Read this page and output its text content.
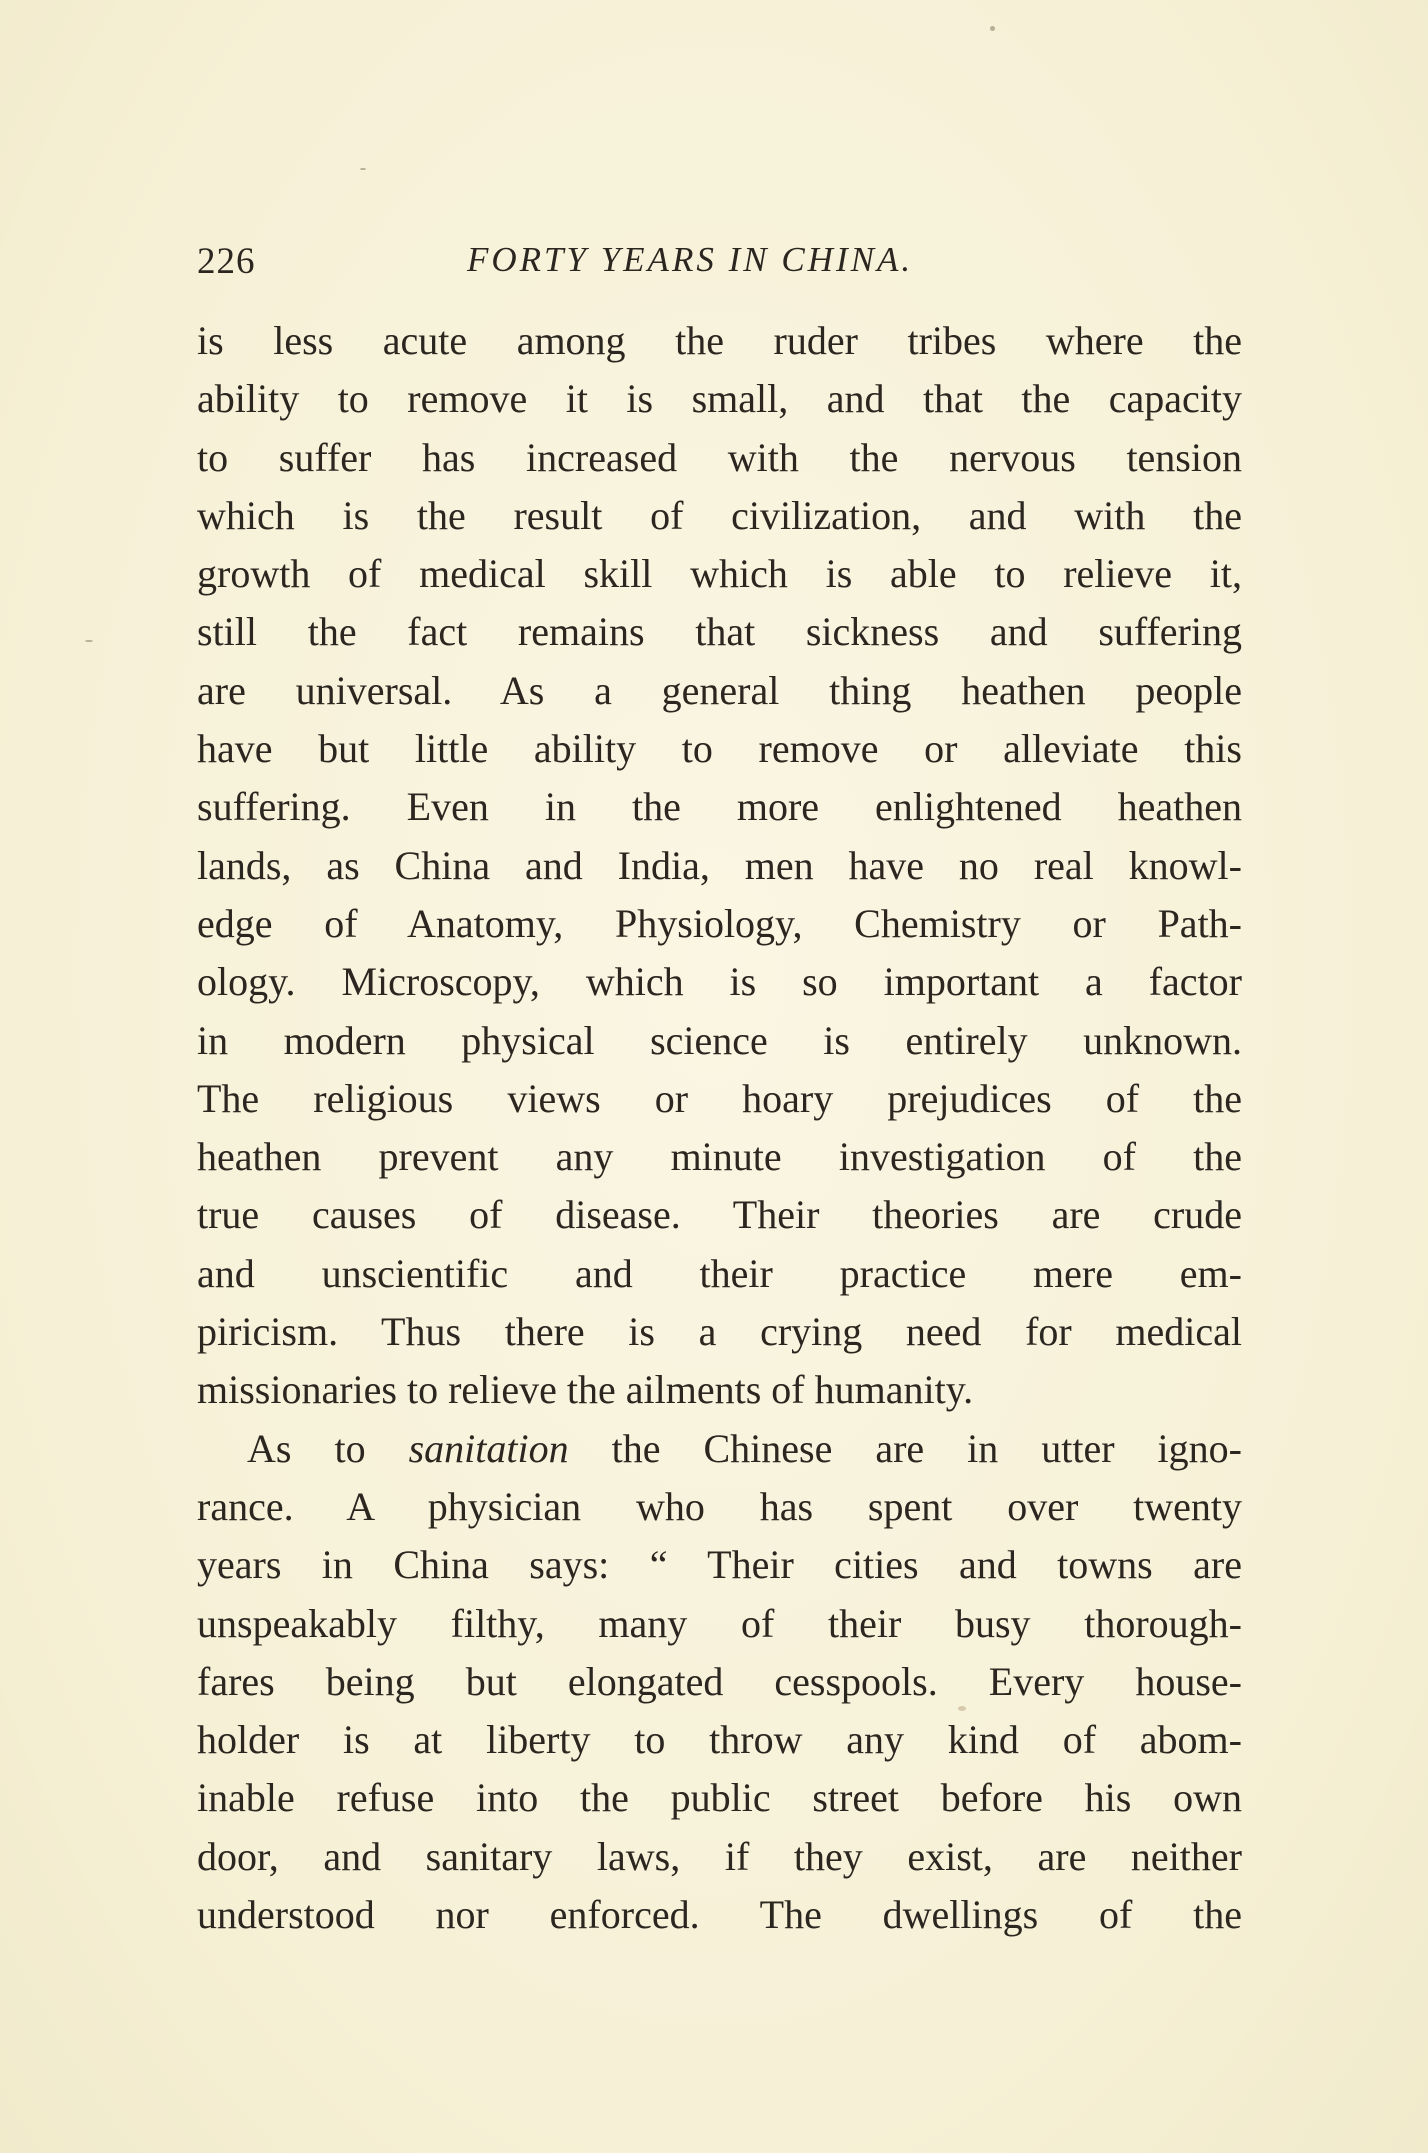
226	FORTY YEARS IN CHINA.
is less acute among the ruder tribes where the
ability to remove it is small, and that the capacity
to suffer has increased with the nervous tension
which is the result of civilization, and with the
growth of medical skill which is able to relieve it,
still the fact remains that sickness and suffering
are universal. As a general thing heathen people
have but little ability to remove or alleviate this
suffering. Even in the more enlightened heathen
lands, as China and India, men have no real knowl-
edge of Anatomy, Physiology, Chemistry or Path-
ology. Microscopy, which is so important a factor
in modern physical science is entirely unknown.
The religious views or hoary prejudices of the
heathen prevent any minute investigation of the
true causes of disease. Their theories are crude
and unscientific and their practice mere em-
piricism. Thus there is a crying need for medical
missionaries to relieve the ailments of humanity.
As to sanitation the Chinese are in utter igno-
rance. A physician who has spent over twenty
years in China says: “ Their cities and towns are
unspeakably filthy, many of their busy thorough-
fares being but elongated cesspools. Every house-
holder is at liberty to throw any kind of abom-
inable refuse into the public street before his own
door, and sanitary laws, if they exist, are neither
understood nor enforced. The dwellings of the
